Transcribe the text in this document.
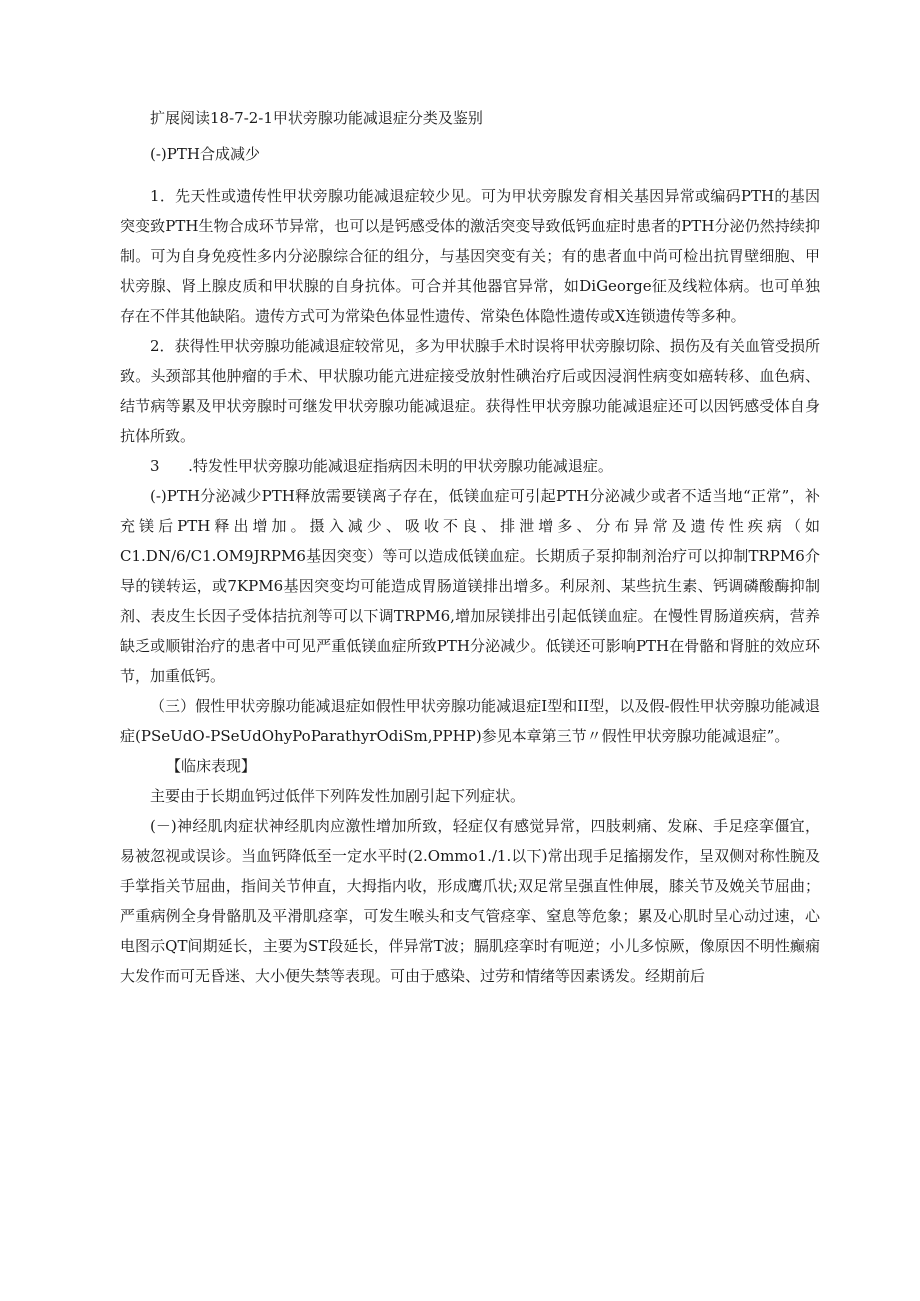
扩展阅读18-7-2-1甲状旁腺功能减退症分类及鉴别

(-)PTH合成减少

1．先天性或遗传性甲状旁腺功能减退症较少见。可为甲状旁腺发育相关基因异常或编码PTH的基因突变致PTH生物合成环节异常，也可以是钙感受体的激活突变导致低钙血症时患者的PTH分泌仍然持续抑制。可为自身免疫性多内分泌腺综合征的组分，与基因突变有关；有的患者血中尚可检出抗胃壁细胞、甲状旁腺、肾上腺皮质和甲状腺的自身抗体。可合并其他器官异常，如DiGeorge征及线粒体病。也可单独存在不伴其他缺陷。遗传方式可为常染色体显性遗传、常染色体隐性遗传或X连锁遗传等多种。

2．获得性甲状旁腺功能减退症较常见，多为甲状腺手术时误将甲状旁腺切除、损伤及有关血管受损所致。头颈部其他肿瘤的手术、甲状腺功能亢进症接受放射性碘治疗后或因浸润性病变如癌转移、血色病、结节病等累及甲状旁腺时可继发甲状旁腺功能减退症。获得性甲状旁腺功能减退症还可以因钙感受体自身抗体所致。

3      .特发性甲状旁腺功能减退症指病因未明的甲状旁腺功能减退症。

(-)PTH分泌减少PTH释放需要镁离子存在，低镁血症可引起PTH分泌减少或者不适当地“正常”，补充镁后PTH释出增加。摄入减少、吸收不良、排泄增多、分布异常及遗传性疾病（如C1.DN/6/C1.OM9JRPM6基因突变）等可以造成低镁血症。长期质子泵抑制剂治疗可以抑制TRPM6介导的镁转运，或7KPM6基因突变均可能造成胃肠道镁排出增多。利尿剂、某些抗生素、钙调磷酸酶抑制剂、表皮生长因子受体拮抗剂等可以下调TRPM6,增加尿镁排出引起低镁血症。在慢性胃肠道疾病，营养缺乏或顺钳治疗的患者中可见严重低镁血症所致PTH分泌减少。低镁还可影响PTH在骨骼和肾脏的效应环节，加重低钙。

（三）假性甲状旁腺功能减退症如假性甲状旁腺功能减退症I型和II型，以及假-假性甲状旁腺功能减退症(PSeUdO-PSeUdOhyPoParathyrOdiSm,PPHP)参见本章第三节〃假性甲状旁腺功能减退症”。

【临床表现】

主要由于长期血钙过低伴下列阵发性加剧引起下列症状。

(－)神经肌肉症状神经肌肉应激性增加所致，轻症仅有感觉异常，四肢刺痛、发麻、手足痉挛僵宜，易被忽视或误诊。当血钙降低至一定水平时(2.Ommo1./1.以下)常出现手足搐搦发作，呈双侧对称性腕及手掌指关节屈曲，指间关节伸直，大拇指内收，形成鹰爪状;双足常呈强直性伸展，膝关节及娩关节屈曲；严重病例全身骨骼肌及平滑肌痉挛，可发生喉头和支气管痉挛、窒息等危象；累及心肌时呈心动过速，心电图示QT间期延长，主要为ST段延长，伴异常T波；膈肌痉挛时有呃逆；小儿多惊厥，像原因不明性癫痫大发作而可无昏迷、大小便失禁等表现。可由于感染、过劳和情绪等因素诱发。经期前后
